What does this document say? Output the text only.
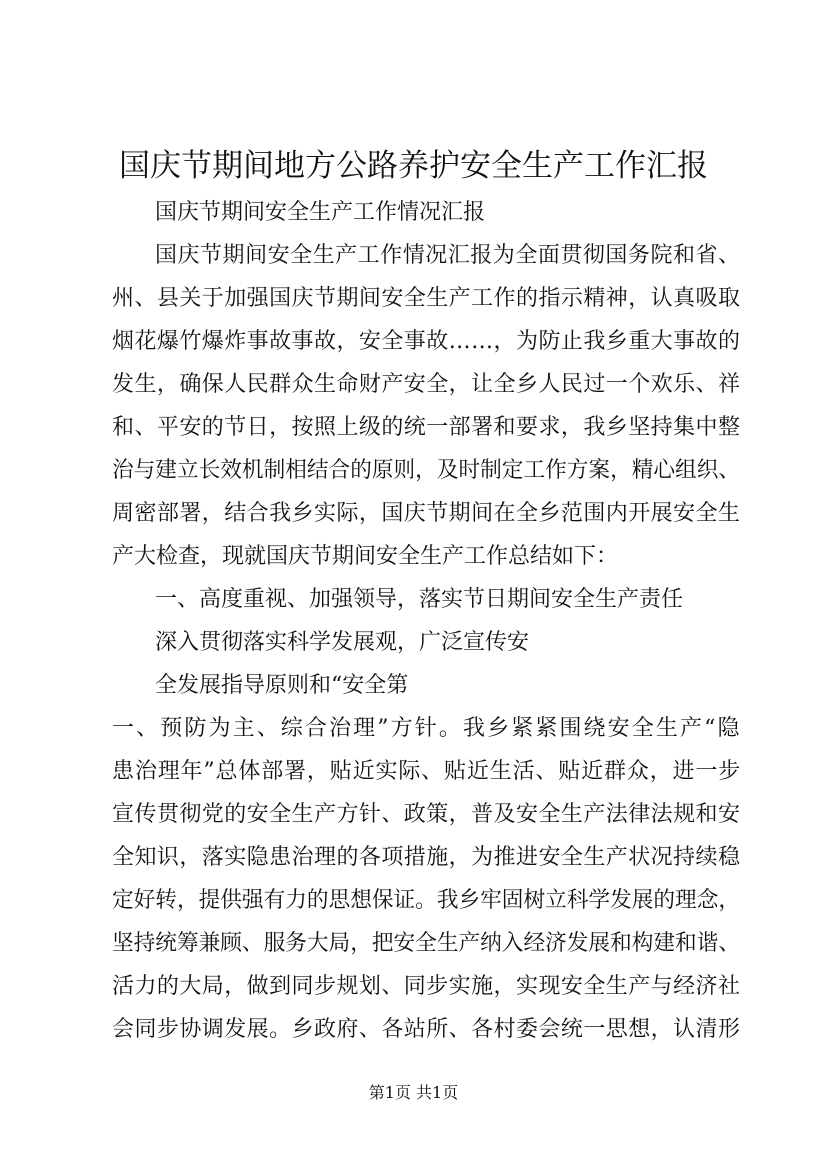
国庆节期间地方公路养护安全生产工作汇报

国庆节期间安全生产工作情况汇报

国庆节期间安全生产工作情况汇报为全面贯彻国务院和省、

州、县关于加强国庆节期间安全生产工作的指示精神，认真吸取

烟花爆竹爆炸事故事故，安全事故……，为防止我乡重大事故的

发生，确保人民群众生命财产安全，让全乡人民过一个欢乐、祥

和、平安的节日，按照上级的统一部署和要求，我乡坚持集中整

治与建立长效机制相结合的原则，及时制定工作方案，精心组织、

周密部署，结合我乡实际，国庆节期间在全乡范围内开展安全生

产大检查，现就国庆节期间安全生产工作总结如下：

一、高度重视、加强领导，落实节日期间安全生产责任

深入贯彻落实科学发展观，广泛宣传安

全发展指导原则和“安全第

一、预防为主、综合治理”方针。我乡紧紧围绕安全生产“隐

患治理年”总体部署，贴近实际、贴近生活、贴近群众，进一步

宣传贯彻党的安全生产方针、政策，普及安全生产法律法规和安

全知识，落实隐患治理的各项措施，为推进安全生产状况持续稳

定好转，提供强有力的思想保证。我乡牢固树立科学发展的理念，

坚持统筹兼顾、服务大局，把安全生产纳入经济发展和构建和谐、

活力的大局，做到同步规划、同步实施，实现安全生产与经济社

会同步协调发展。乡政府、各站所、各村委会统一思想，认清形

第1页 共1页
